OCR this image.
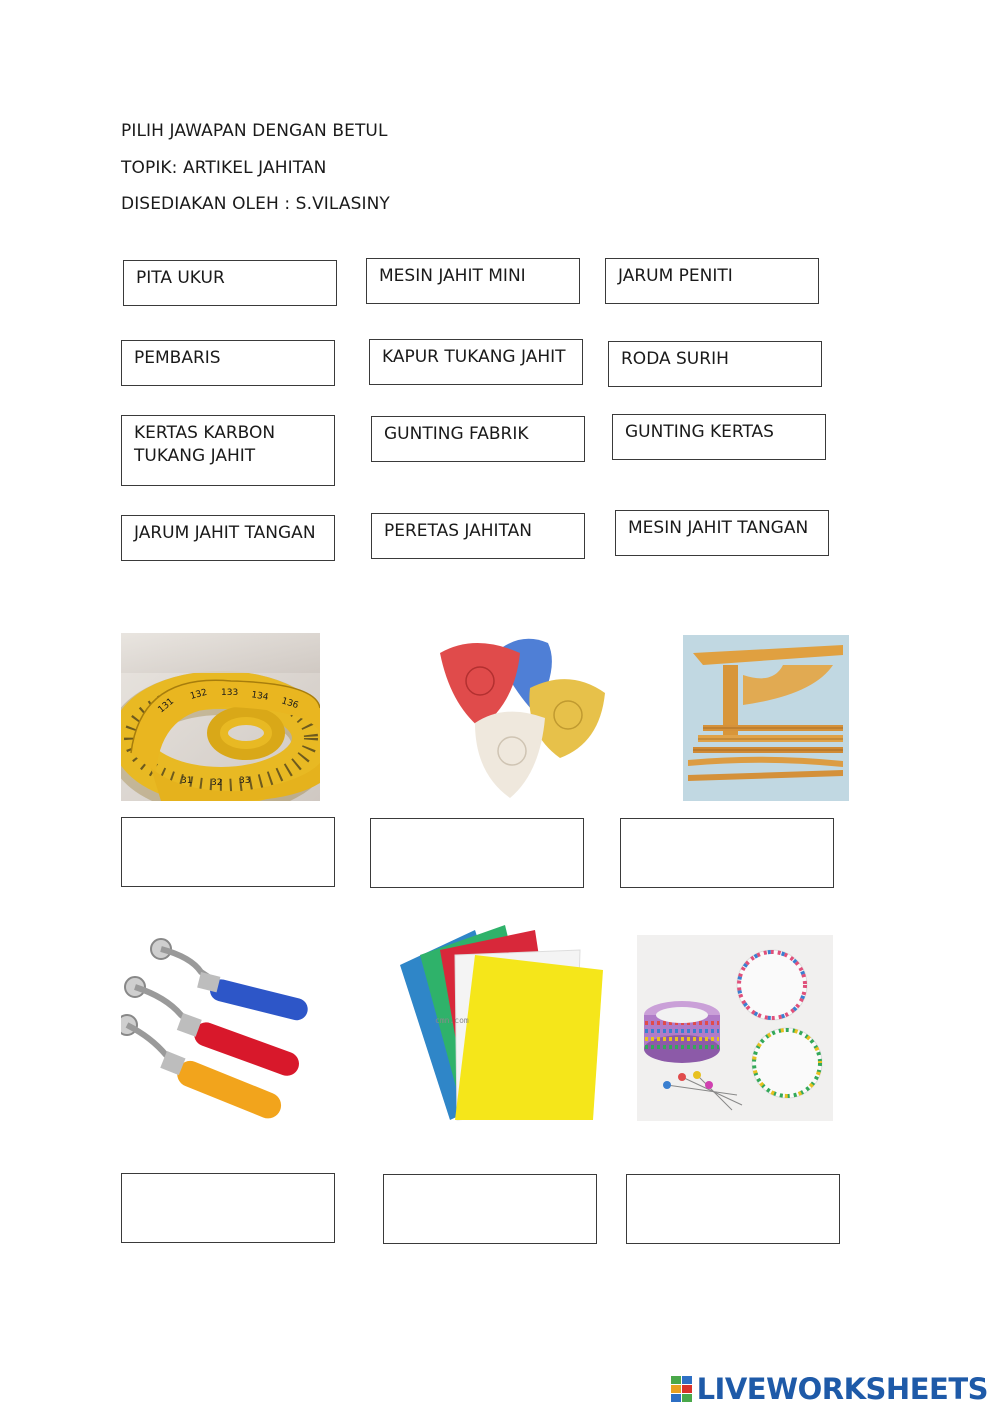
PILIH JAWAPAN DENGAN BETUL
TOPIK: ARTIKEL JAHITAN
DISEDIAKAN OLEH : S.VILASINY
PITA UKUR	MESIN JAHIT MINI	JARUM PENITI
PEMBARIS	KAPUR TUKANG JAHIT	RODA SURIH
KERTAS KARBON TUKANG JAHIT
GUNTING FABRIK	GUNTING KERTAS
JARUM JAHIT TANGAN	PERETAS JAHITAN	MESIN JAHIT TANGAN
131
132 133 134 136
31 32 33
cmn.com
LIVEWORKSHEETS
